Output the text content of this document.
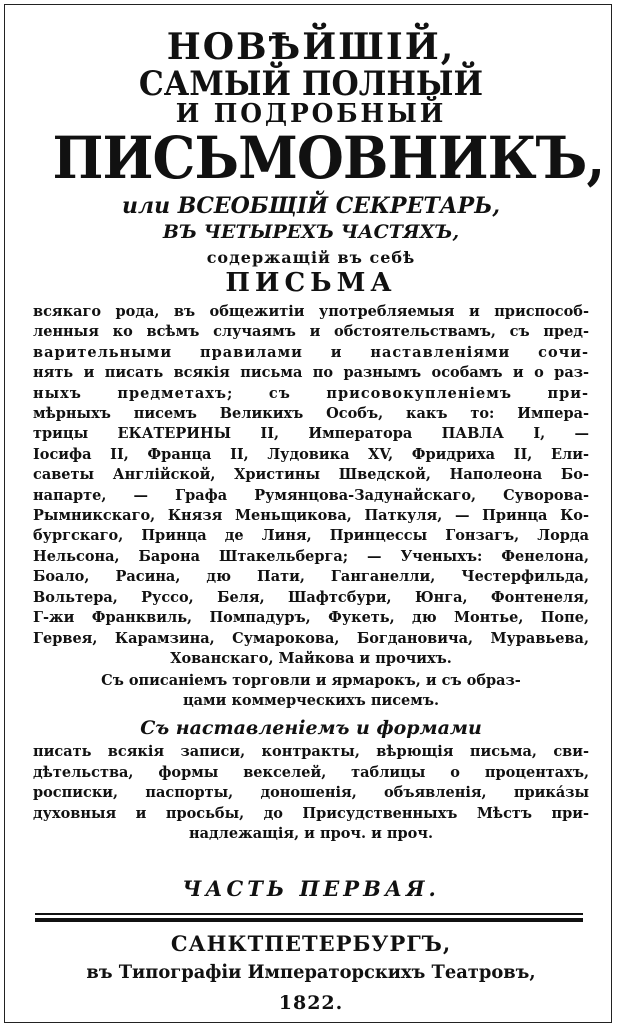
НОВѢЙШІЙ,
САМЫЙ ПОЛНЫЙ
И ПОДРОБНЫЙ
ПИСЬМОВНИКЪ,
или ВСЕОБЩІЙ СЕКРЕТАРЬ,
ВЪ ЧЕТЫРЕХЪ ЧАСТЯХЪ,
содержащій въ себѣ
ПИСЬМА
всякаго рода, въ общежитіи употребляемыя и приспособ-
ленныя ко всѣмъ случаямъ и обстоятельствамъ, съ пред-
варительными правилами и наставленіями сочи-
нять и писать всякія письма по разнымъ особамъ и о раз-
ныхъ предметахъ; съ присовокупленіемъ при-
мѣрныхъ писемъ Великихъ Особъ, какъ то: Импера-
трицы ЕКАТЕРИНЫ II, Императора ПАВЛА I, —
Іосифа II, Франца II, Лудовика XV, Фридриха II, Ели-
саветы Англійской, Христины Шведской, Наполеона Бо-
напарте, — Графа Румянцова-Задунайскаго, Суворова-
Рымникскаго, Князя Меньщикова, Паткуля, — Принца Ко-
бургскаго, Принца де Линя, Принцессы Гонзагъ, Лорда
Нельсона, Барона Штакельберга; — Ученыхъ: Фенелона,
Боало, Расина, дю Пати, Ганганелли, Честерфильда,
Вольтера, Руссо, Беля, Шафтсбури, Юнга, Фонтенеля,
Г-жи Франквиль, Помпадуръ, Фукеть, дю Монтье, Попе,
Гервея, Карамзина, Сумарокова, Богдановича, Муравьева,
Хованскаго, Майкова и прочихъ.
Съ описаніемъ торговли и ярмарокъ, и съ образ-
цами коммерческихъ писемъ.
Съ наставленіемъ и формами
писать всякія записи, контракты, вѣрющія письма, сви-
дѣтельства, формы векселей, таблицы о процентахъ,
росписки, паспорты, доношенія, объявленія, прика́зы
духовныя и просьбы, до Присудственныхъ Мѣстъ при-
надлежащія, и проч. и проч.
ЧАСТЬ ПЕРВАЯ.
САНКТПЕТЕРБУРГЪ,
въ Типографіи Императорскихъ Театровъ,
1822.
